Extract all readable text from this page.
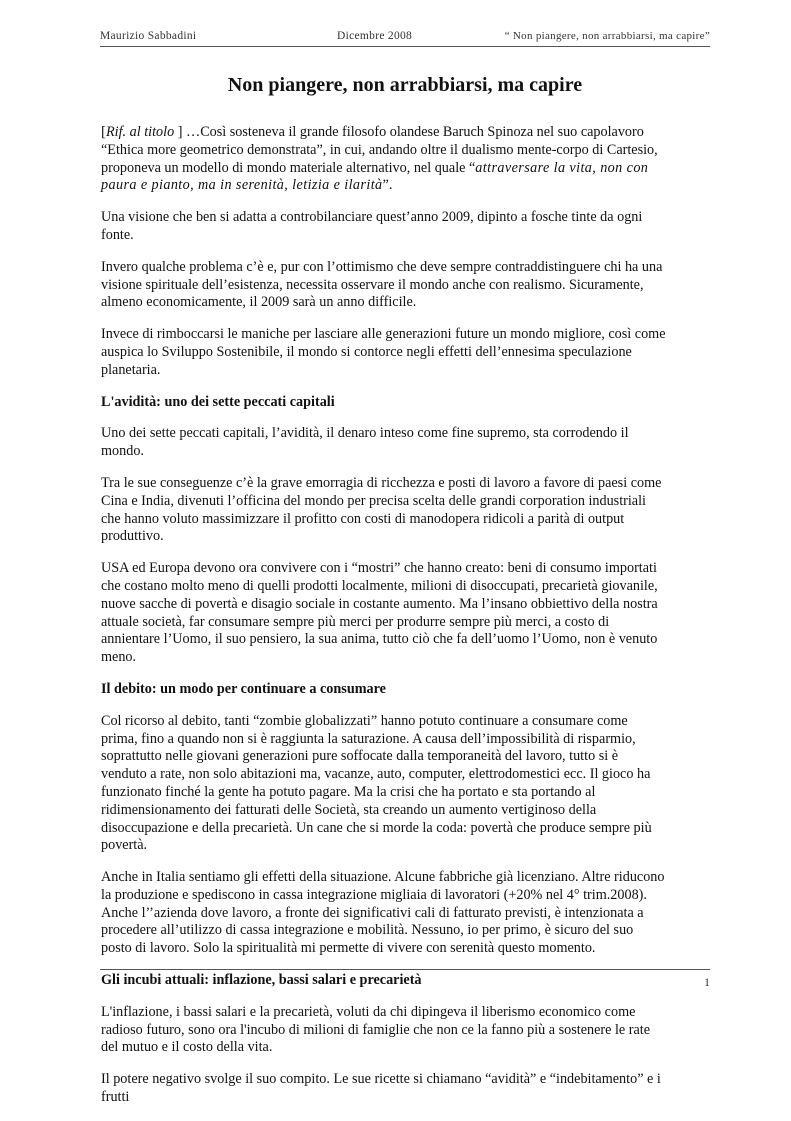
Maurizio Sabbadini	Dicembre 2008	“ Non piangere, non arrabbiarsi, ma capire”
Non piangere, non arrabbiarsi, ma capire

[Rif. al titolo ] …Così sosteneva il grande filosofo olandese Baruch Spinoza nel suo capolavoro “Ethica more geometrico demonstrata”, in cui, andando oltre il dualismo mente-corpo di Cartesio, proponeva un modello di mondo materiale alternativo, nel quale “attraversare la vita, non con paura e pianto, ma in serenità, letizia e ilarità”.

Una visione che ben si adatta a controbilanciare quest’anno 2009, dipinto a fosche tinte da ogni fonte.

Invero qualche problema c’è e, pur con l’ottimismo che deve sempre contraddistinguere chi ha una visione spirituale dell’esistenza, necessita osservare il mondo anche con realismo. Sicuramente, almeno economicamente, il 2009 sarà un anno difficile.

Invece di rimboccarsi le maniche per lasciare alle generazioni future un mondo migliore, così come auspica lo Sviluppo Sostenibile, il mondo si contorce negli effetti dell’ennesima speculazione planetaria.

L'avidità: uno dei sette peccati capitali

Uno dei sette peccati capitali, l’avidità, il denaro inteso come fine supremo, sta corrodendo il mondo.

Tra le sue conseguenze c’è la grave emorragia di ricchezza e posti di lavoro a favore di paesi come Cina e India, divenuti l’officina del mondo per precisa scelta delle grandi corporation industriali che hanno voluto massimizzare il profitto con costi di manodopera ridicoli a parità di output produttivo.

USA ed Europa devono ora convivere con i “mostri” che hanno creato: beni di consumo importati che costano molto meno di quelli prodotti localmente, milioni di disoccupati, precarietà giovanile, nuove sacche di povertà e disagio sociale in costante aumento. Ma l’insano obbiettivo della nostra attuale società, far consumare sempre più merci per produrre sempre più merci, a costo di annientare l’Uomo, il suo pensiero, la sua anima, tutto ciò che fa dell’uomo l’Uomo, non è venuto meno.

Il debito: un modo per continuare a consumare

Col ricorso al debito, tanti “zombie globalizzati” hanno potuto continuare a consumare come prima, fino a quando non si è raggiunta la saturazione. A causa dell’impossibilità di risparmio, soprattutto nelle giovani generazioni pure soffocate dalla temporaneità del lavoro, tutto si è venduto a rate, non solo abitazioni ma, vacanze, auto, computer, elettrodomestici ecc. Il gioco ha funzionato finché la gente ha potuto pagare. Ma la crisi che ha portato e sta portando al ridimensionamento dei fatturati delle Società, sta creando un aumento vertiginoso della disoccupazione e della precarietà. Un cane che si morde la coda: povertà che produce sempre più povertà.

Anche in Italia sentiamo gli effetti della situazione. Alcune fabbriche già licenziano. Altre riducono la produzione e spediscono in cassa integrazione migliaia di lavoratori (+20% nel 4° trim.2008). Anche l’’azienda dove lavoro, a fronte dei significativi cali di fatturato previsti, è intenzionata a procedere all’utilizzo di cassa integrazione e mobilità. Nessuno, io per primo, è sicuro del suo posto di lavoro. Solo la spiritualità mi permette di vivere con serenità questo momento.

Gli incubi attuali: inflazione, bassi salari e precarietà

L'inflazione, i bassi salari e la precarietà, voluti da chi dipingeva il liberismo economico come radioso futuro, sono ora l'incubo di milioni di famiglie che non ce la fanno più a sostenere le rate del mutuo e il costo della vita.

Il potere negativo svolge il suo compito. Le sue ricette si chiamano “avidità” e “indebitamento” e i frutti

1
